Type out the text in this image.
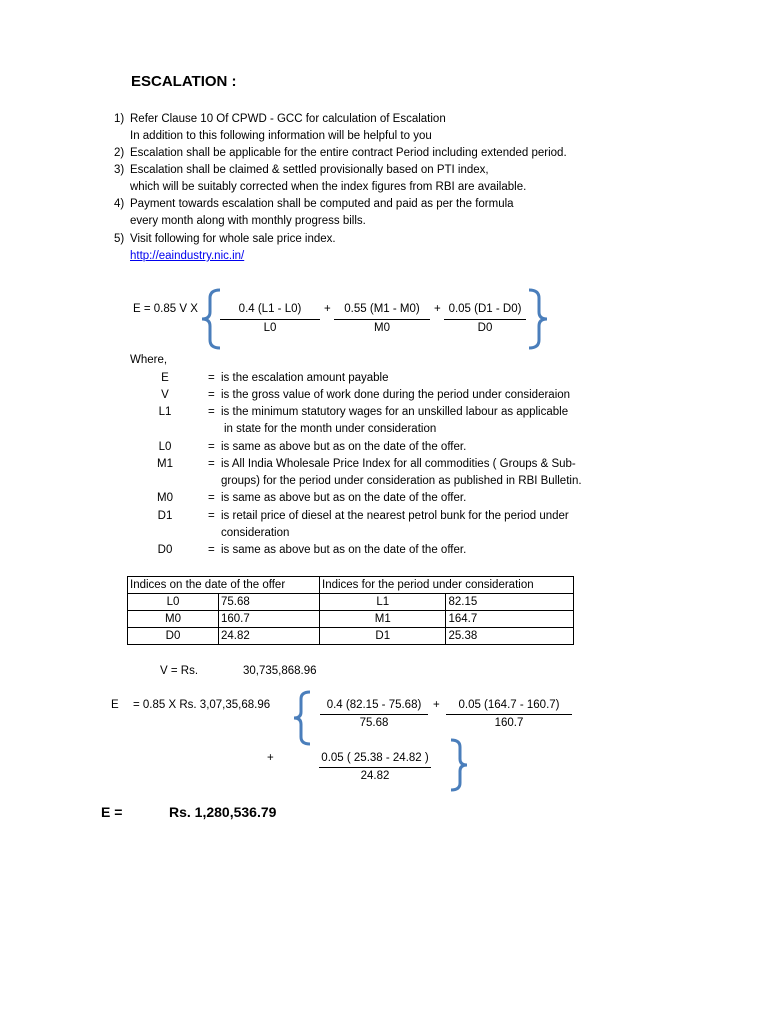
ESCALATION :
1) Refer Clause 10 Of CPWD - GCC for calculation of Escalation
In addition to this following information will be helpful to you
2) Escalation shall be applicable for the entire contract Period including extended period.
3) Escalation shall be claimed & settled provisionally based on PTI index,
which will be suitably corrected when the index figures from RBI are available.
4) Payment towards escalation shall be computed and paid as per the formula
every month along with monthly progress bills.
5) Visit following for whole sale price index.
http://eaindustry.nic.in/
E = 0.85 V X	0.4 (L1 - L0)
L0
+	0.55 (M1 - M0)
M0
+ 0.05 (D1 - D0)
D0
Where,
E	= is the escalation amount payable
V	= is the gross value of work done during the period under consideraion
L1	= is the minimum statutory wages for an unskilled labour as applicable
in state for the month under consideration
L0	= is same as above but as on the date of the offer.
M1	= is All India Wholesale Price Index for all commodities ( Groups & Sub-
groups) for the period under consideration as published in RBI Bulletin.
M0	= is same as above but as on the date of the offer.
D1	= is retail price of diesel at the nearest petrol bunk for the period under
consideration
D0	= is same as above but as on the date of the offer.
Indices on the date of the offer		Indices for the period under consideration	
L0	75.68	L1	82.15
M0	160.7	M1	164.7
D0	24.82	D1	25.38
V = Rs.	30,735,868.96
E = 0.85 X Rs. 3,07,35,68.96	0.4 (82.15 - 75.68)
75.68
+	0.05 (164.7 - 160.7)
160.7
+	0.05 ( 25.38 - 24.82 )
24.82
E =	Rs. 1,280,536.79
